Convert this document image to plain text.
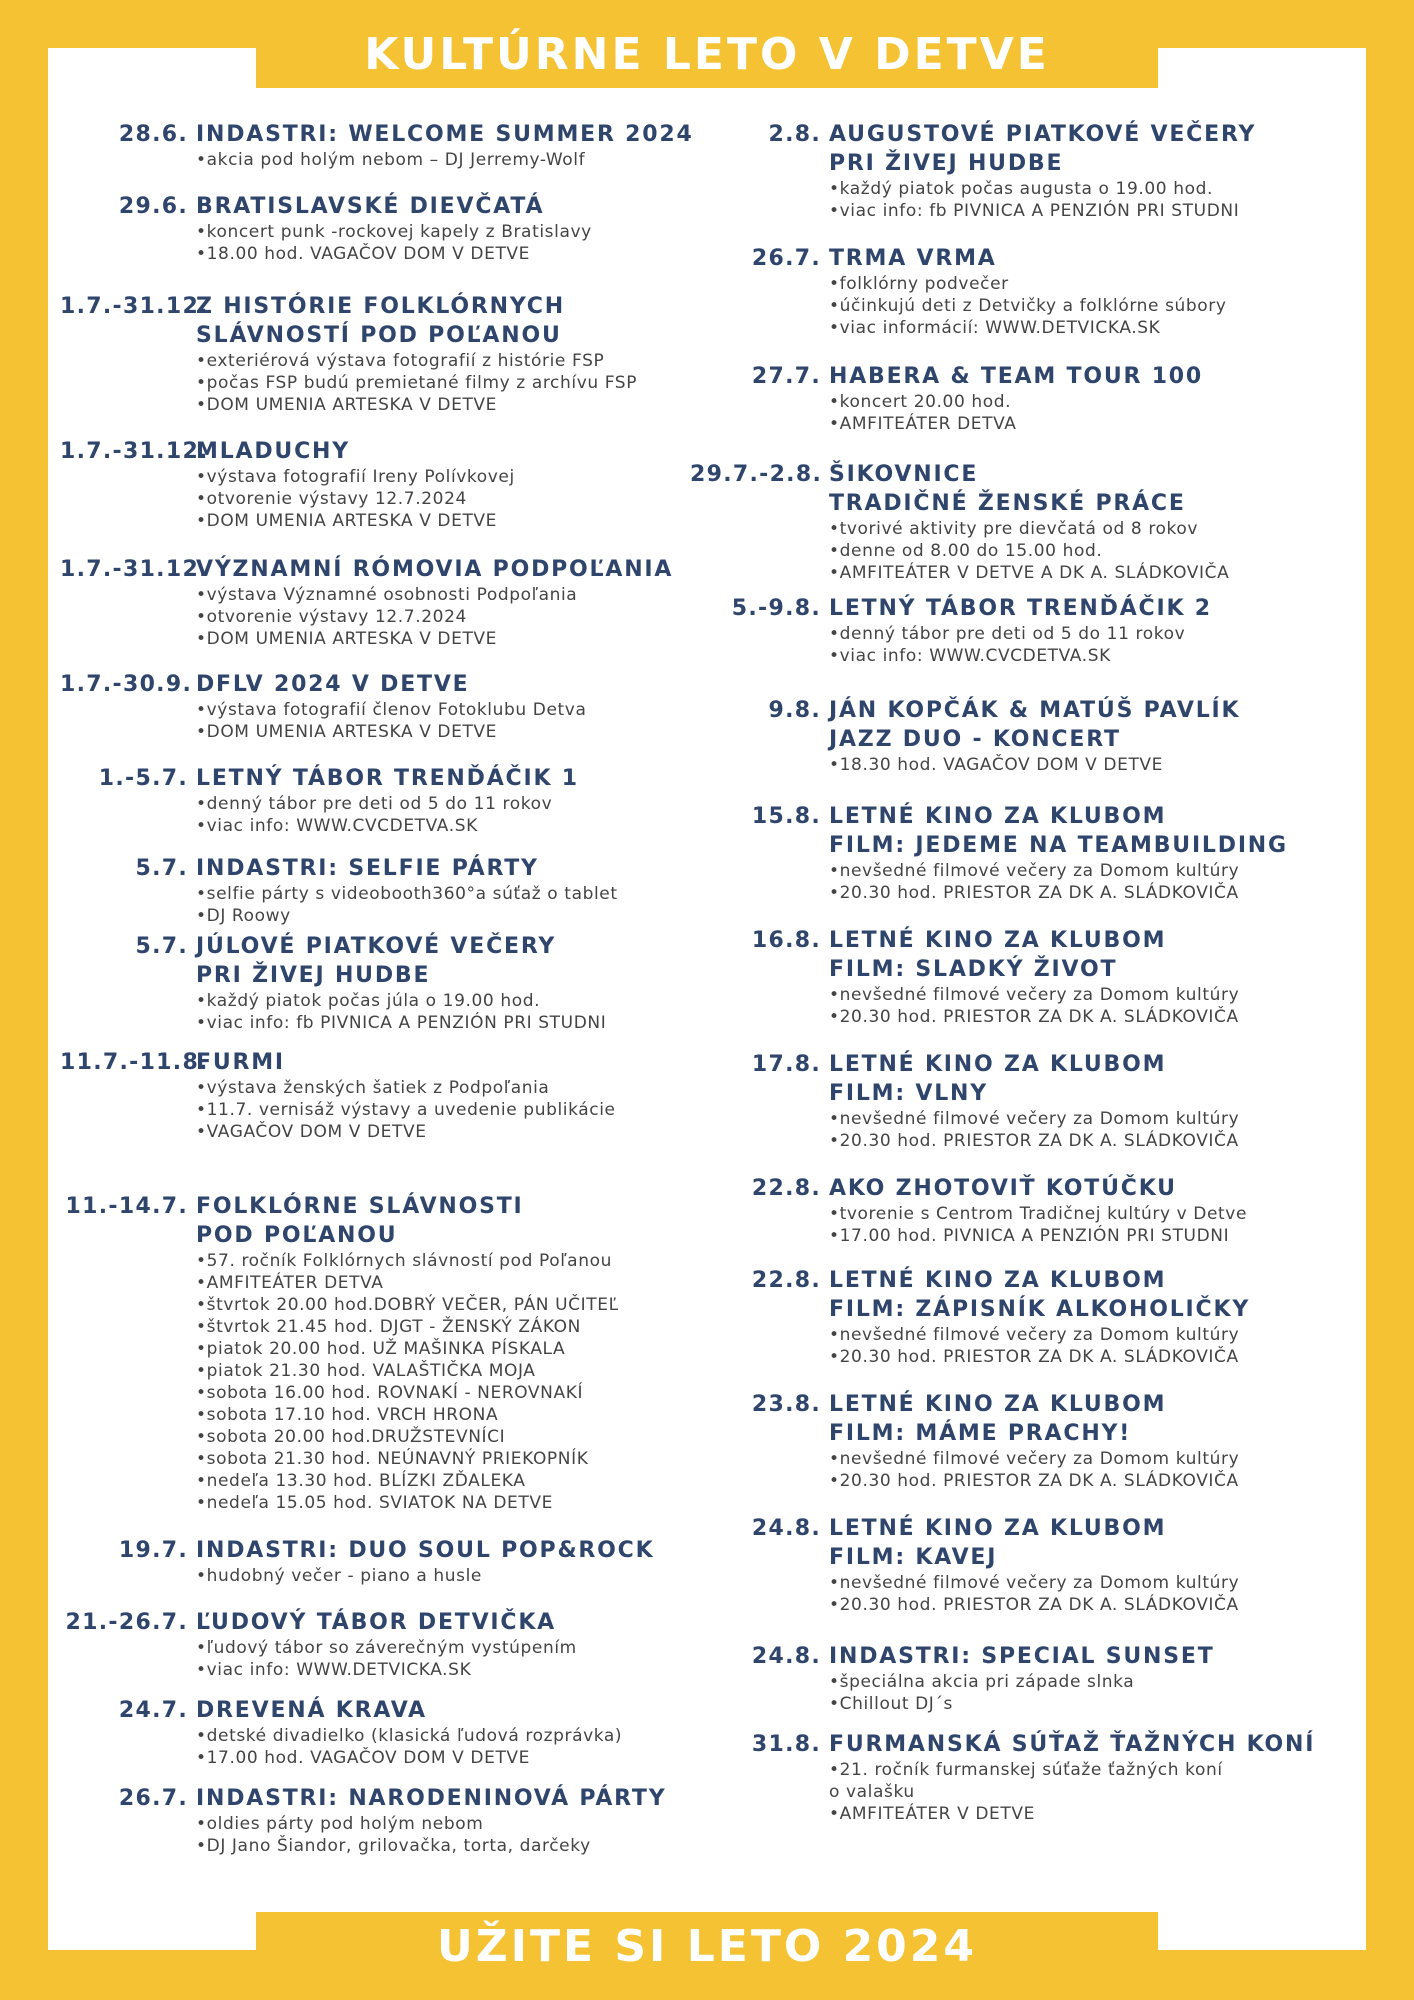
KULTÚRNE LETO V DETVE
28.6. INDASTRI: WELCOME SUMMER 2024
•akcia pod holým nebom – DJ Jerremy-Wolf
29.6. BRATISLAVSKÉ DIEVČATÁ
•koncert punk -rockovej kapely z Bratislavy
•18.00 hod. VAGAČOV DOM V DETVE
1.7.-31.12.
Z HISTÓRIE FOLKLÓRNYCH
SLÁVNOSTÍ POD POĽANOU
•exteriérová výstava fotografií z histórie FSP
•počas FSP budú premietané filmy z archívu FSP
•DOM UMENIA ARTESKA V DETVE
1.7.-31.12.
MLADUCHY
•výstava fotografií Ireny Polívkovej
•otvorenie výstavy 12.7.2024
•DOM UMENIA ARTESKA V DETVE
1.7.-31.12.
VÝZNAMNÍ RÓMOVIA PODPOĽANIA
•výstava Významné osobnosti Podpoľania
•otvorenie výstavy 12.7.2024
•DOM UMENIA ARTESKA V DETVE
1.7.-30.9. DFLV 2024 V DETVE
•výstava fotografií členov Fotoklubu Detva
•DOM UMENIA ARTESKA V DETVE
1.-5.7. LETNÝ TÁBOR TRENĎÁČIK 1
•denný tábor pre deti od 5 do 11 rokov
•viac info: WWW.CVCDETVA.SK
5.7. INDASTRI: SELFIE PÁRTY
•selfie párty s videobooth360°a súťaž o tablet
•DJ Roowy
5.7. JÚLOVÉ PIATKOVÉ VEČERY
PRI ŽIVEJ HUDBE
•každý piatok počas júla o 19.00 hod.
•viac info: fb PIVNICA A PENZIÓN PRI STUDNI
11.7.-11.8.
FURMI
•výstava ženských šatiek z Podpoľania
•11.7. vernisáž výstavy a uvedenie publikácie
•VAGAČOV DOM V DETVE
11.-14.7. FOLKLÓRNE SLÁVNOSTI
POD POĽANOU
•57. ročník Folklórnych slávností pod Poľanou
•AMFITEÁTER DETVA
•štvrtok 20.00 hod.DOBRÝ VEČER, PÁN UČITEĽ
•štvrtok 21.45 hod. DJGT - ŽENSKÝ ZÁKON
•piatok 20.00 hod. UŽ MAŠINKA PÍSKALA
•piatok 21.30 hod. VALAŠTIČKA MOJA
•sobota 16.00 hod. ROVNAKÍ - NEROVNAKÍ
•sobota 17.10 hod. VRCH HRONA
•sobota 20.00 hod.DRUŽSTEVNÍCI
•sobota 21.30 hod. NEÚNAVNÝ PRIEKOPNÍK
•nedeľa 13.30 hod. BLÍZKI ZĎALEKA
•nedeľa 15.05 hod. SVIATOK NA DETVE
19.7. INDASTRI: DUO SOUL POP&ROCK
•hudobný večer - piano a husle
21.-26.7. ĽUDOVÝ TÁBOR DETVIČKA
•ľudový tábor so záverečným vystúpením
•viac info: WWW.DETVICKA.SK
24.7. DREVENÁ KRAVA
•detské divadielko (klasická ľudová rozprávka)
•17.00 hod. VAGAČOV DOM V DETVE
26.7. INDASTRI: NARODENINOVÁ PÁRTY
•oldies párty pod holým nebom
•DJ Jano Šiandor, grilovačka, torta, darčeky
2.8. AUGUSTOVÉ PIATKOVÉ VEČERY
PRI ŽIVEJ HUDBE
•každý piatok počas augusta o 19.00 hod.
•viac info: fb PIVNICA A PENZIÓN PRI STUDNI
26.7. TRMA VRMA
•folklórny podvečer
•účinkujú deti z Detvičky a folklórne súbory
•viac informácií: WWW.DETVICKA.SK
27.7. HABERA & TEAM TOUR 100
•koncert 20.00 hod.
•AMFITEÁTER DETVA
29.7.-2.8. ŠIKOVNICE
TRADIČNÉ ŽENSKÉ PRÁCE
•tvorivé aktivity pre dievčatá od 8 rokov
•denne od 8.00 do 15.00 hod.
•AMFITEÁTER V DETVE A DK A. SLÁDKOVIČA
5.-9.8. LETNÝ TÁBOR TRENĎÁČIK 2
•denný tábor pre deti od 5 do 11 rokov
•viac info: WWW.CVCDETVA.SK
9.8. JÁN KOPČÁK & MATÚŠ PAVLÍK
JAZZ DUO - KONCERT
•18.30 hod. VAGAČOV DOM V DETVE
15.8. LETNÉ KINO ZA KLUBOM
FILM: JEDEME NA TEAMBUILDING
•nevšedné filmové večery za Domom kultúry
•20.30 hod. PRIESTOR ZA DK A. SLÁDKOVIČA
16.8. LETNÉ KINO ZA KLUBOM
FILM: SLADKÝ ŽIVOT
•nevšedné filmové večery za Domom kultúry
•20.30 hod. PRIESTOR ZA DK A. SLÁDKOVIČA
17.8. LETNÉ KINO ZA KLUBOM
FILM: VLNY
•nevšedné filmové večery za Domom kultúry
•20.30 hod. PRIESTOR ZA DK A. SLÁDKOVIČA
22.8. AKO ZHOTOVIŤ KOTÚČKU
•tvorenie s Centrom Tradičnej kultúry v Detve
•17.00 hod. PIVNICA A PENZIÓN PRI STUDNI
22.8. LETNÉ KINO ZA KLUBOM
FILM: ZÁPISNÍK ALKOHOLIČKY
•nevšedné filmové večery za Domom kultúry
•20.30 hod. PRIESTOR ZA DK A. SLÁDKOVIČA
23.8. LETNÉ KINO ZA KLUBOM
FILM: MÁME PRACHY!
•nevšedné filmové večery za Domom kultúry
•20.30 hod. PRIESTOR ZA DK A. SLÁDKOVIČA
24.8. LETNÉ KINO ZA KLUBOM
FILM: KAVEJ
•nevšedné filmové večery za Domom kultúry
•20.30 hod. PRIESTOR ZA DK A. SLÁDKOVIČA
24.8. INDASTRI: SPECIAL SUNSET
•špeciálna akcia pri západe slnka
•Chillout DJ´s
31.8. FURMANSKÁ SÚŤAŽ ŤAŽNÝCH KONÍ
•21. ročník furmanskej súťaže ťažných koní
o valašku
•AMFITEÁTER V DETVE
UŽITE SI LETO 2024
